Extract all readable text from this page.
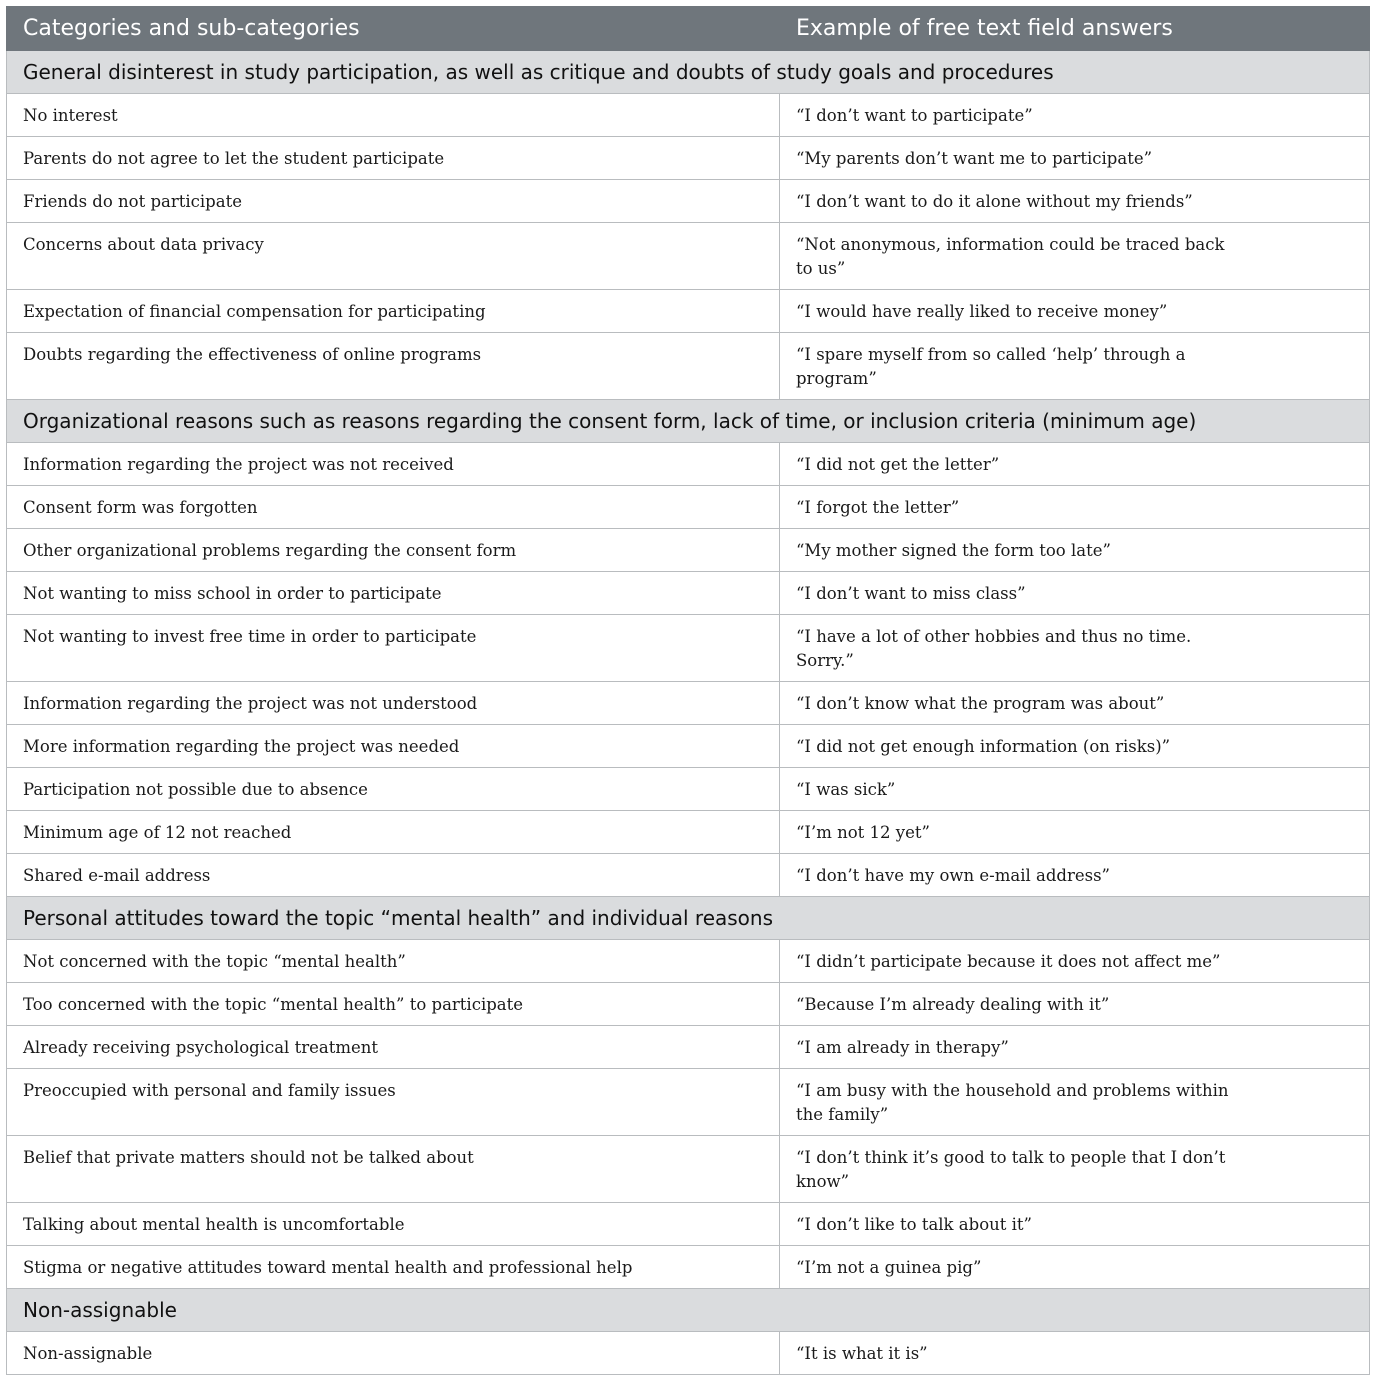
Categories and sub-categories	Example of free text field answers
General disinterest in study participation, as well as critique and doubts of study goals and procedures	
No interest	“I don’t want to participate”
Parents do not agree to let the student participate	“My parents don’t want me to participate”
Friends do not participate	“I don’t want to do it alone without my friends”
Concerns about data privacy	“Not anonymous, information could be traced back to us”
Expectation of financial compensation for participating	“I would have really liked to receive money”
Doubts regarding the effectiveness of online programs	“I spare myself from so called ‘help’ through a program”
Organizational reasons such as reasons regarding the consent form, lack of time, or inclusion criteria (minimum age)	
Information regarding the project was not received	“I did not get the letter”
Consent form was forgotten	“I forgot the letter”
Other organizational problems regarding the consent form	“My mother signed the form too late”
Not wanting to miss school in order to participate	“I don’t want to miss class”
Not wanting to invest free time in order to participate	“I have a lot of other hobbies and thus no time. Sorry.”
Information regarding the project was not understood	“I don’t know what the program was about”
More information regarding the project was needed	“I did not get enough information (on risks)”
Participation not possible due to absence	“I was sick”
Minimum age of 12 not reached	“I’m not 12 yet”
Shared e-mail address	“I don’t have my own e-mail address”
Personal attitudes toward the topic “mental health” and individual reasons	
Not concerned with the topic “mental health”	“I didn’t participate because it does not affect me”
Too concerned with the topic “mental health” to participate	“Because I’m already dealing with it”
Already receiving psychological treatment	“I am already in therapy”
Preoccupied with personal and family issues	“I am busy with the household and problems within the family”
Belief that private matters should not be talked about	“I don’t think it’s good to talk to people that I don’t know”
Talking about mental health is uncomfortable	“I don’t like to talk about it”
Stigma or negative attitudes toward mental health and professional help	“I’m not a guinea pig”
Non-assignable	
Non-assignable	“It is what it is”
